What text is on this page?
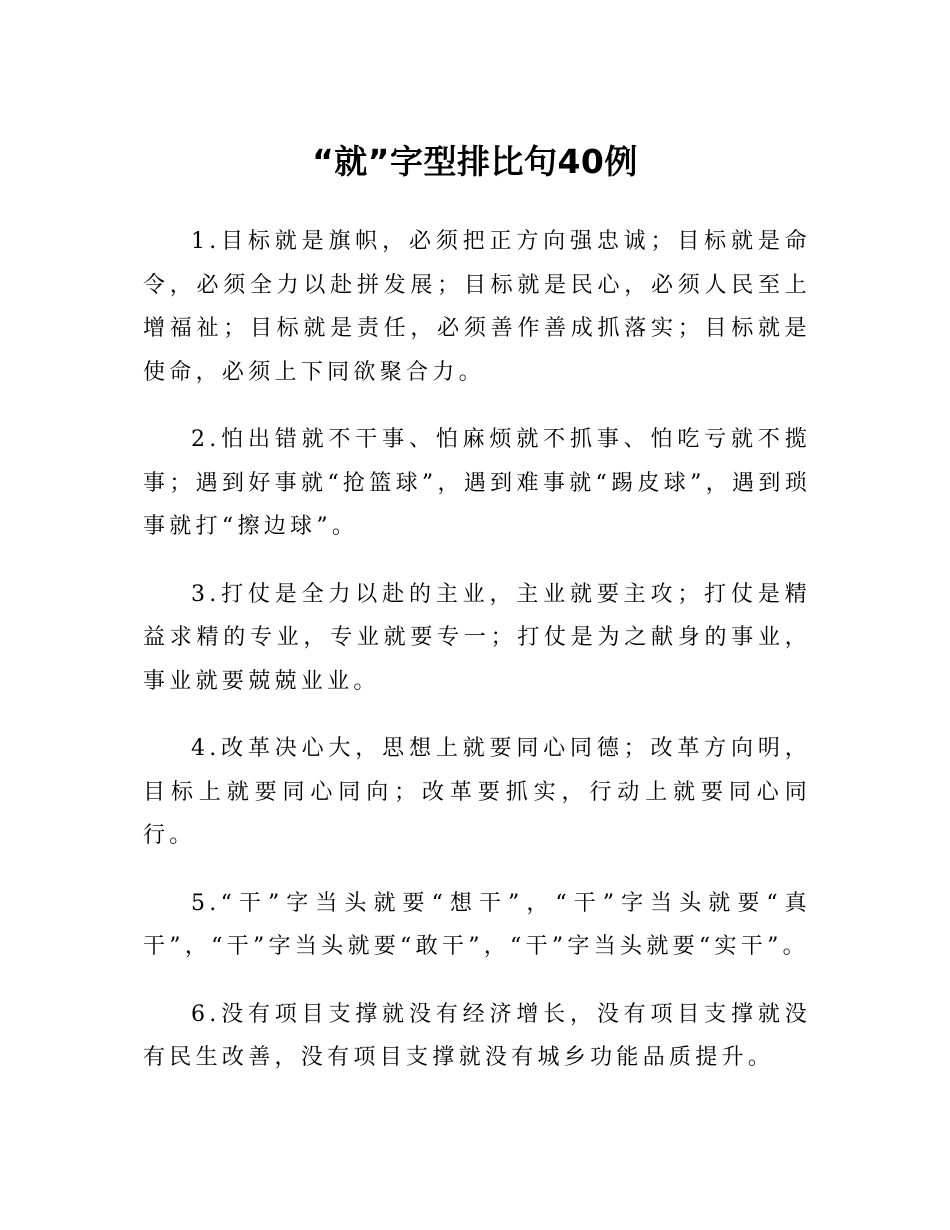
“就”字型排比句40例

1.目标就是旗帜，必须把正方向强忠诚；目标就是命令，必须全力以赴拼发展；目标就是民心，必须人民至上增福祉；目标就是责任，必须善作善成抓落实；目标就是使命，必须上下同欲聚合力。

2.怕出错就不干事、怕麻烦就不抓事、怕吃亏就不揽事；遇到好事就“抢篮球”，遇到难事就“踢皮球”，遇到琐事就打“擦边球”。

3.打仗是全力以赴的主业，主业就要主攻；打仗是精益求精的专业，专业就要专一；打仗是为之献身的事业，事业就要兢兢业业。

4.改革决心大，思想上就要同心同德；改革方向明，目标上就要同心同向；改革要抓实，行动上就要同心同行。

5.“干”字当头就要“想干”，“干”字当头就要“真干”，“干”字当头就要“敢干”，“干”字当头就要“实干”。

6.没有项目支撑就没有经济增长，没有项目支撑就没有民生改善，没有项目支撑就没有城乡功能品质提升。
